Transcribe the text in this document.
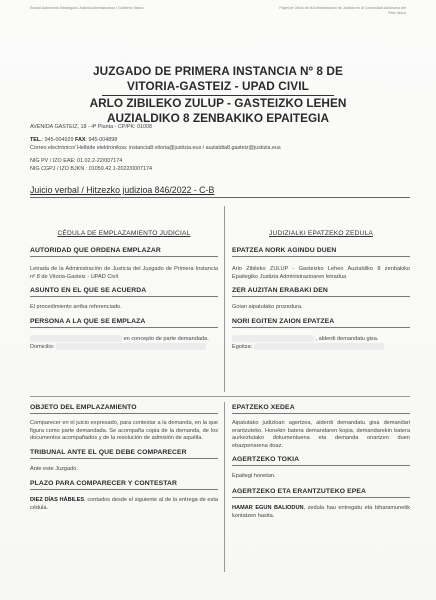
Euskal Autonomia Erkidegoko Justizia Administrazioa / Gobierno Vasco	Papel de Oficio de la Administración de Justicia en la Comunidad Autónoma del País Vasco
JUZGADO DE PRIMERA INSTANCIA Nº 8 DE
VITORIA-GASTEIZ - UPAD CIVIL
ARLO ZIBILEKO ZULUP - GASTEIZKO LEHEN
AUZIALDIKO 8 ZENBAKIKO EPAITEGIA
AVENIDA GASTEIZ, 18 - 4ª Planta - CP/PK: 01008
TEL.: 945-004929 FAX: 945-004898
Correo electrónico/ Helbide elektronikoa: instancia8.vitoria@justizia.eus / auzialdia8.gasteiz@justizia.eus
NIG PV / IZO EAE: 01.02.2-22/007174
NIG CGPJ / IZO BJKN : 01059.42.1-2022/0007174
Juicio verbal / Hitzezko judizioa 846/2022 - C-B
CÉDULA DE EMPLAZAMIENTO JUDICIAL
AUTORIDAD QUE ORDENA EMPLAZAR
Letrada de la Administración de Justicia del Juzgado de Primera Instancia nº 8 de Vitoria-Gasteiz - UPAD Civil
ASUNTO EN EL QUE SE ACUERDA
El procedimiento arriba referenciado.
PERSONA A LA QUE SE EMPLAZA
en concepto de parte demandada.
Domicilio:
OBJETO DEL EMPLAZAMIENTO
Comparecer en el juicio expresado, para contestar a la demanda, en la que figura como parte demandada. Se acompaña copia de la demanda, de los documentos acompañados y de la resolución de admisión de aquélla.
TRIBUNAL ANTE EL QUE DEBE COMPARECER
Ante este Juzgado.
PLAZO PARA COMPARECER Y CONTESTAR
DIEZ DÍAS HÁBILES, contados desde el siguiente al de la entrega de esta cédula.
JUDIZIALKI EPATZEKO ZEDULA
EPATZEA NORK AGINDU DUEN
Arlo Zibileko ZULUP - Gasteizko Lehen Auzialdiko 8 zenbakiko Epaitegiko Justizia Administrazioaren letradua
ZER AUZITAN ERABAKI DEN
Goian aipatutako prozedura.
NORI EGITEN ZAION EPATZEA
, alderdi demandatu gisa.
Egoitza:
EPATZEKO XEDEA
Aipatutako judizioan agertzea, alderdi demandatu gisa demandari erantzuteko. Honekin batera demandaren kopia, demandarekin batera aurkeztutako dokumentuena eta demanda onartzen duen ebazpenarena doaz.
AGERTZEKO TOKIA
Epaitegi honetan.
AGERTZEKO ETA ERANTZUTEKO EPEA
HAMAR EGUN BALIODUN, zedula hau entregatu eta biharamunetik kontatzen hasita.
